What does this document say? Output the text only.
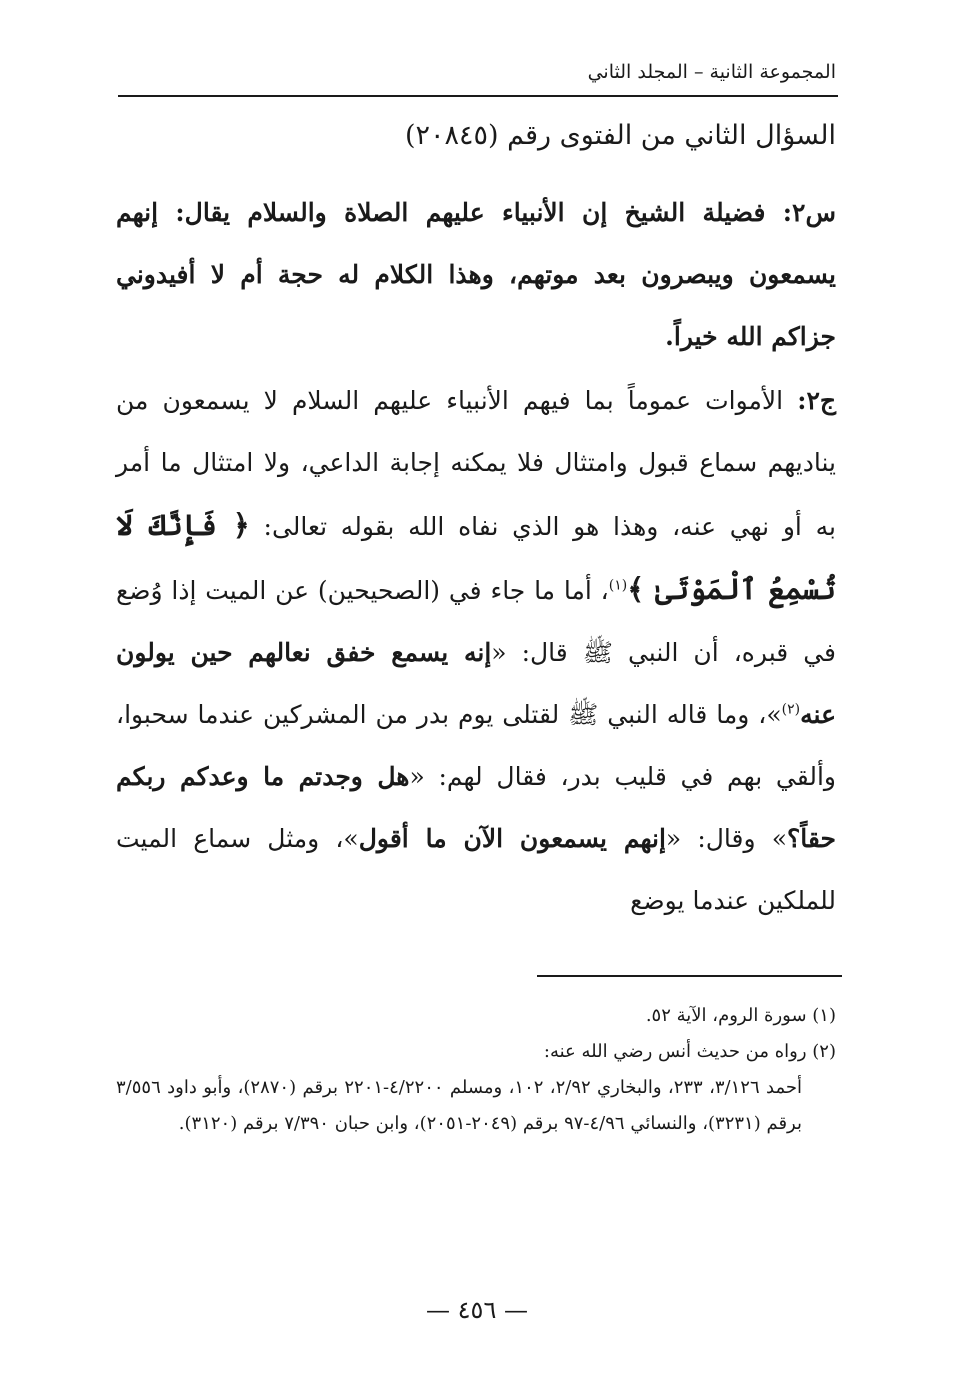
المجموعة الثانية – المجلد الثاني
السؤال الثاني من الفتوى رقم (٢٠٨٤٥)
س٢: فضيلة الشيخ إن الأنبياء عليهم الصلاة والسلام يقال: إنهم يسمعون ويبصرون بعد موتهم، وهذا الكلام له حجة أم لا أفيدوني جزاكم الله خيراً.
ج٢: الأموات عموماً بما فيهم الأنبياء عليهم السلام لا يسمعون من يناديهم سماع قبول وامتثال فلا يمكنه إجابة الداعي، ولا امتثال ما أمر به أو نهي عنه، وهذا هو الذي نفاه الله بقوله تعالى: ﴿ فَإِنَّكَ لَا تُسْمِعُ ٱلْمَوْتَىٰ ﴾$^{(١)}$، أما ما جاء في (الصحيحين) عن الميت إذا وُضع في قبره، أن النبي ﷺ قال: «إنه يسمع خفق نعالهم حين يولون عنه$^{(٢)}$»، وما قاله النبي ﷺ لقتلى يوم بدر من المشركين عندما سحبوا، وألقي بهم في قليب بدر، فقال لهم: «هل وجدتم ما وعدكم ربكم حقاً؟» وقال: «إنهم يسمعون الآن ما أقول»، ومثل سماع الميت للملكين عندما يوضع

(١) سورة الروم، الآية ٥٢.

(٢) رواه من حديث أنس رضي الله عنه:

أحمد ٣/١٢٦، ٢٣٣، والبخاري ٢/٩٢، ١٠٢، ومسلم ٤/٢٢٠٠-٢٢٠١ برقم (٢٨٧٠)، وأبو داود ٣/٥٥٦ برقم (٣٢٣١)، والنسائي ٤/٩٦-٩٧ برقم (٢٠٤٩-٢٠٥١)، وابن حبان ٧/٣٩٠ برقم (٣١٢٠).

— ٤٥٦ —
